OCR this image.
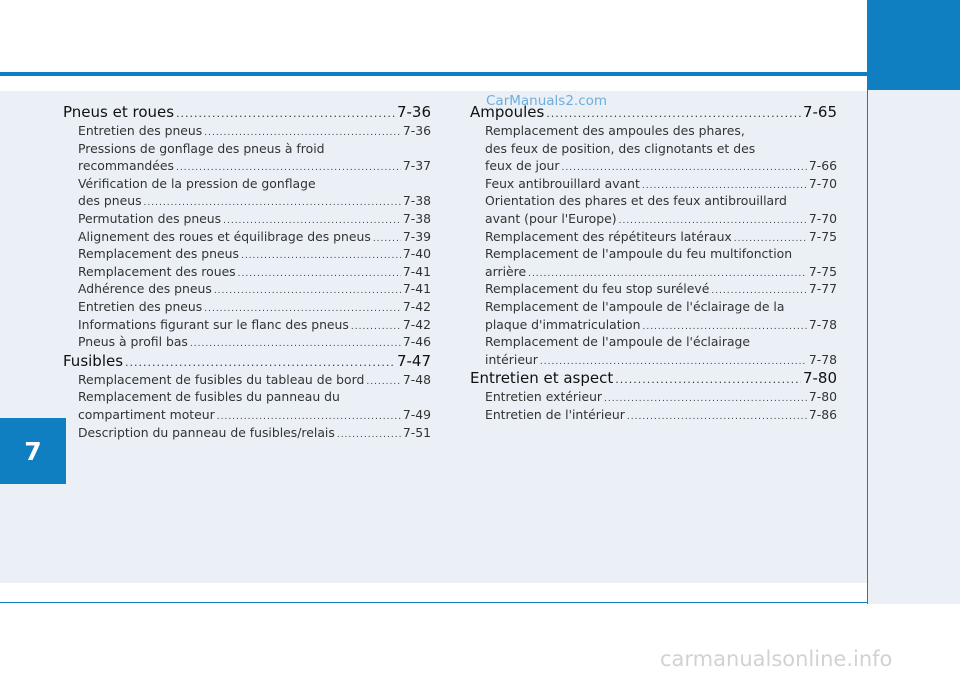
7
Pneus et roues .....	7-36
Entretien des pneus .....	7-36
Pressions de gonflage des pneus à froid
recommandées .....	7-37
Vérification de la pression de gonflage
des pneus .....	7-38
Permutation des pneus .....	7-38
Alignement des roues et équilibrage des pneus .....	7-39
Remplacement des pneus .....	7-40
Remplacement des roues .....	7-41
Adhérence des pneus .....	7-41
Entretien des pneus .....	7-42
Informations figurant sur le flanc des pneus .....	7-42
Pneus à profil bas .....	7-46
Fusibles .....	7-47
Remplacement de fusibles du tableau de bord .....	7-48
Remplacement de fusibles du panneau du
compartiment moteur .....	7-49
Description du panneau de fusibles/relais .....	7-51
Ampoules .....	7-65
Remplacement des ampoules des phares,
des feux de position, des clignotants et des
feux de jour .....	7-66
Feux antibrouillard avant .....	7-70
Orientation des phares et des feux antibrouillard
avant (pour l'Europe) .....	7-70
Remplacement des répétiteurs latéraux .....	7-75
Remplacement de l'ampoule du feu multifonction
arrière .....	7-75
Remplacement du feu stop surélevé .....	7-77
Remplacement de l'ampoule de l'éclairage de la
plaque d'immatriculation .....	7-78
Remplacement de l'ampoule de l'éclairage
intérieur .....	7-78
Entretien et aspect .....	7-80
Entretien extérieur .....	7-80
Entretien de l'intérieur .....	7-86
CarManuals2.com
carmanualsonline.info
